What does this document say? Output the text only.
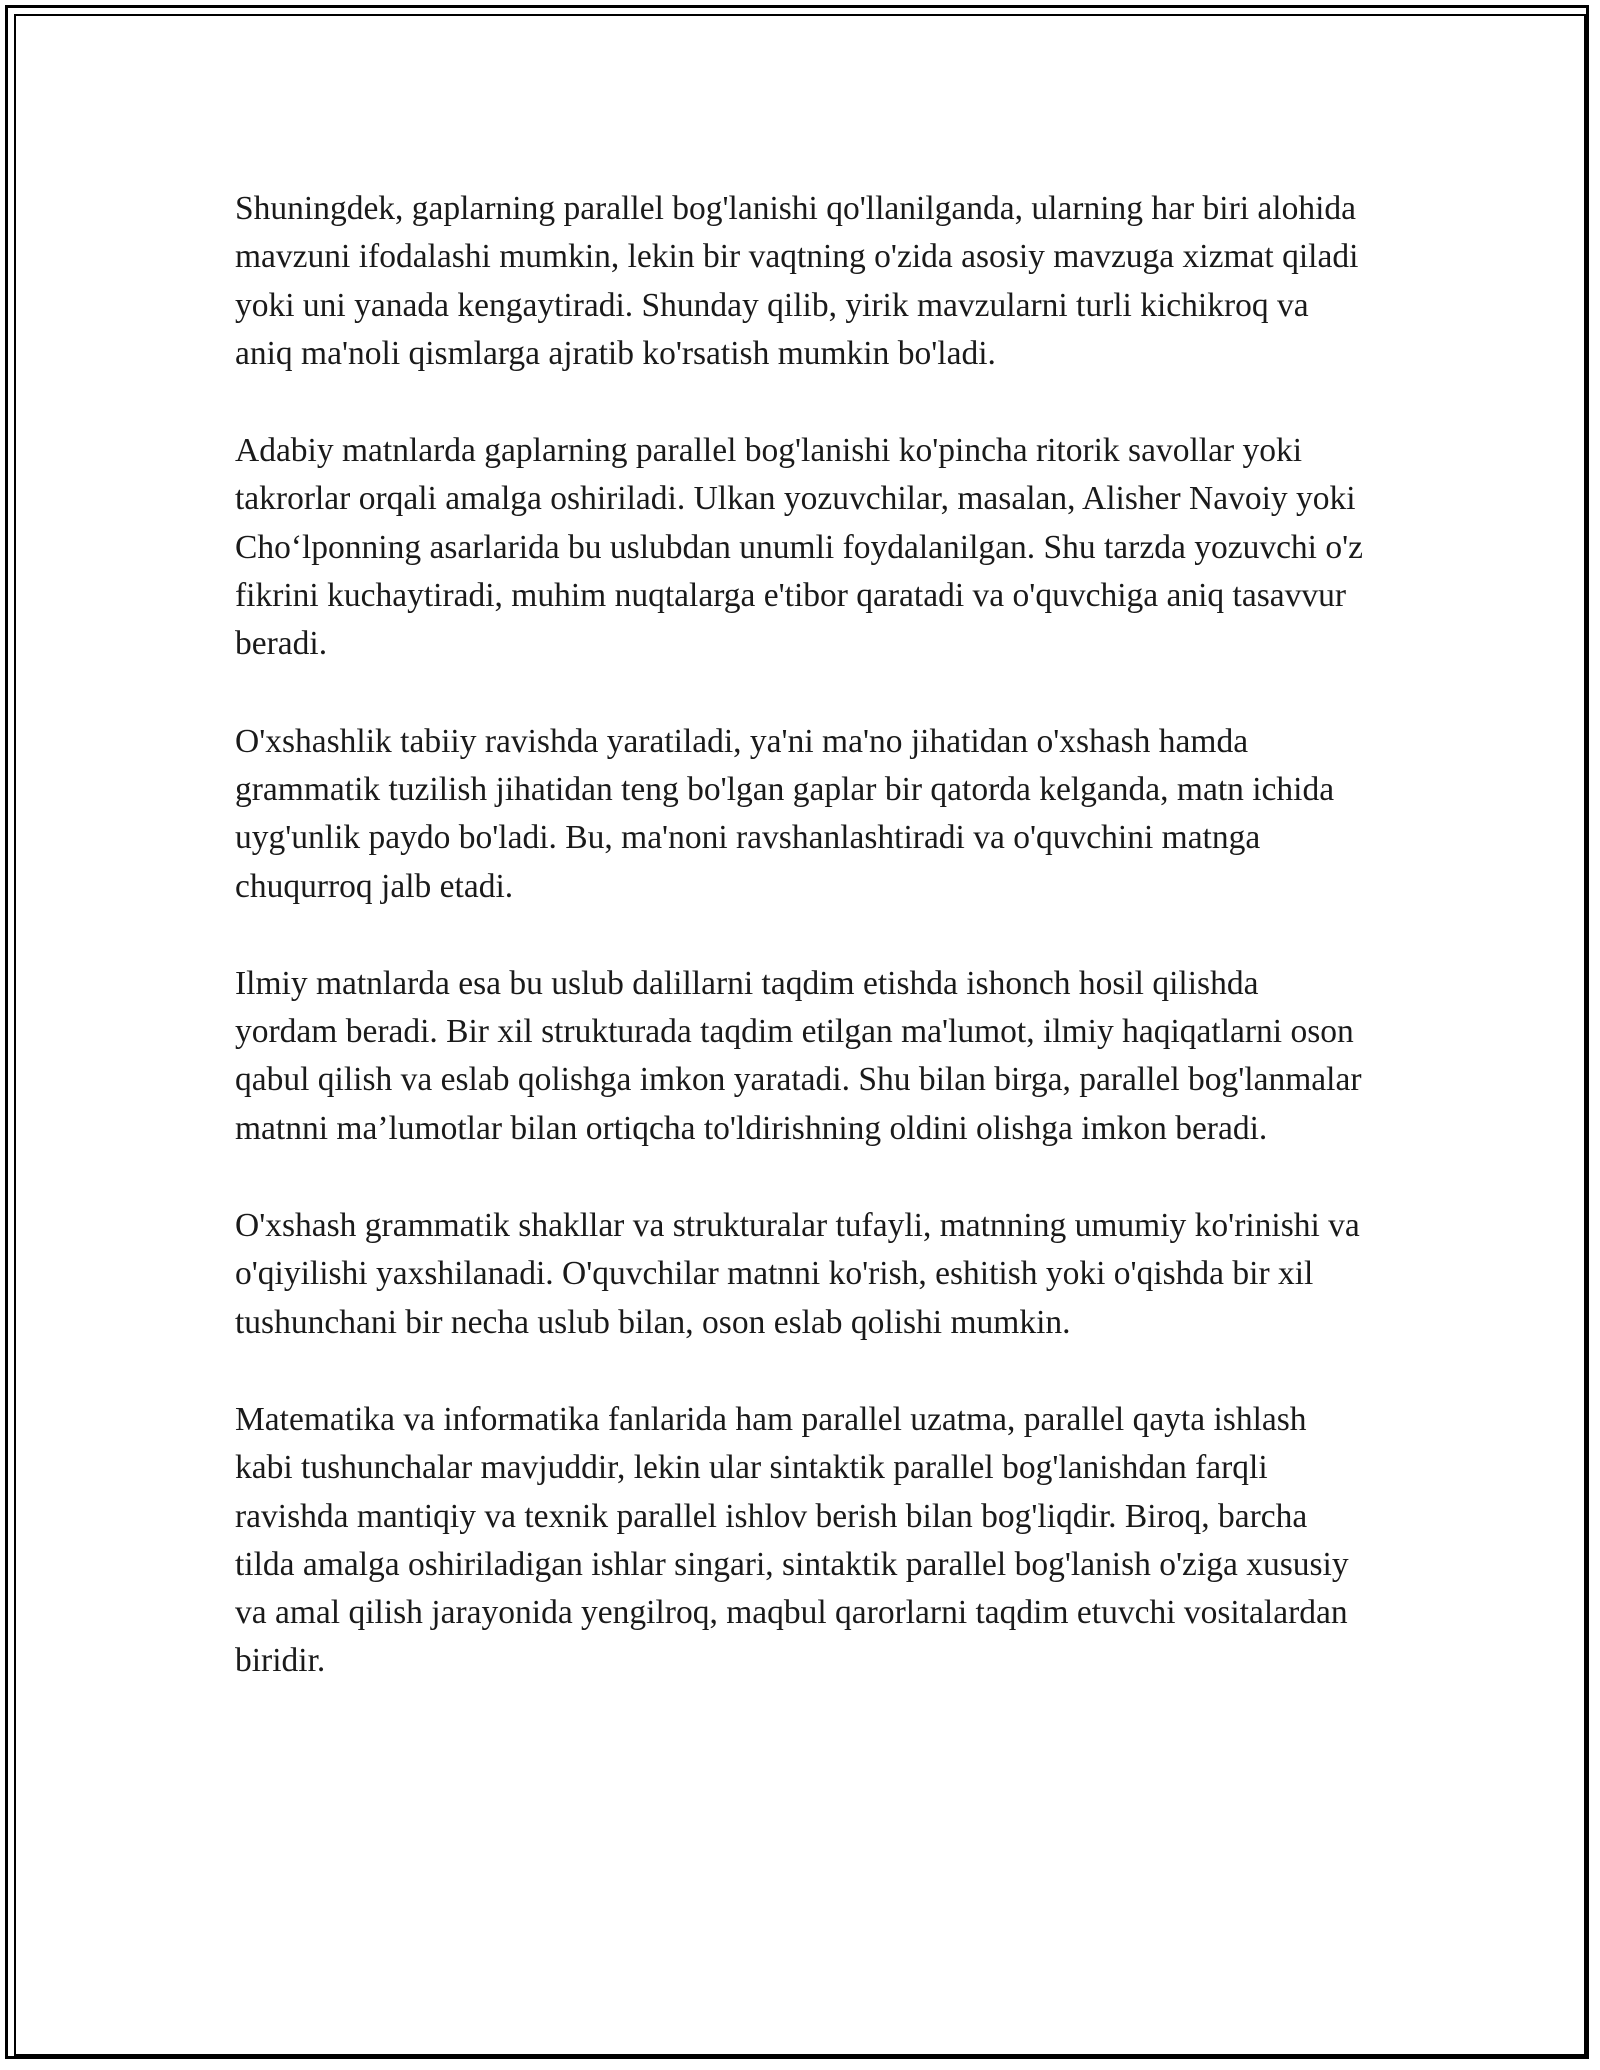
Shuningdek, gaplarning parallel bog'lanishi qo'llanilganda, ularning har biri alohida mavzuni ifodalashi mumkin, lekin bir vaqtning o'zida asosiy mavzuga xizmat qiladi yoki uni yanada kengaytiradi. Shunday qilib, yirik mavzularni turli kichikroq va aniq ma'noli qismlarga ajratib ko'rsatish mumkin bo'ladi.

Adabiy matnlarda gaplarning parallel bog'lanishi ko'pincha ritorik savollar yoki takrorlar orqali amalga oshiriladi. Ulkan yozuvchilar, masalan, Alisher Navoiy yoki Cho‘lponning asarlarida bu uslubdan unumli foydalanilgan. Shu tarzda yozuvchi o'z fikrini kuchaytiradi, muhim nuqtalarga e'tibor qaratadi va o'quvchiga aniq tasavvur beradi.

O'xshashlik tabiiy ravishda yaratiladi, ya'ni ma'no jihatidan o'xshash hamda grammatik tuzilish jihatidan teng bo'lgan gaplar bir qatorda kelganda, matn ichida uyg'unlik paydo bo'ladi. Bu, ma'noni ravshanlashtiradi va o'quvchini matnga chuqurroq jalb etadi.

Ilmiy matnlarda esa bu uslub dalillarni taqdim etishda ishonch hosil qilishda yordam beradi. Bir xil strukturada taqdim etilgan ma'lumot, ilmiy haqiqatlarni oson qabul qilish va eslab qolishga imkon yaratadi. Shu bilan birga, parallel bog'lanmalar matnni ma’lumotlar bilan ortiqcha to'ldirishning oldini olishga imkon beradi.

O'xshash grammatik shakllar va strukturalar tufayli, matnning umumiy ko'rinishi va o'qiyilishi yaxshilanadi. O'quvchilar matnni ko'rish, eshitish yoki o'qishda bir xil tushunchani bir necha uslub bilan, oson eslab qolishi mumkin.

Matematika va informatika fanlarida ham parallel uzatma, parallel qayta ishlash kabi tushunchalar mavjuddir, lekin ular sintaktik parallel bog'lanishdan farqli ravishda mantiqiy va texnik parallel ishlov berish bilan bog'liqdir. Biroq, barcha tilda amalga oshiriladigan ishlar singari, sintaktik parallel bog'lanish o'ziga xususiy va amal qilish jarayonida yengilroq, maqbul qarorlarni taqdim etuvchi vositalardan biridir.
